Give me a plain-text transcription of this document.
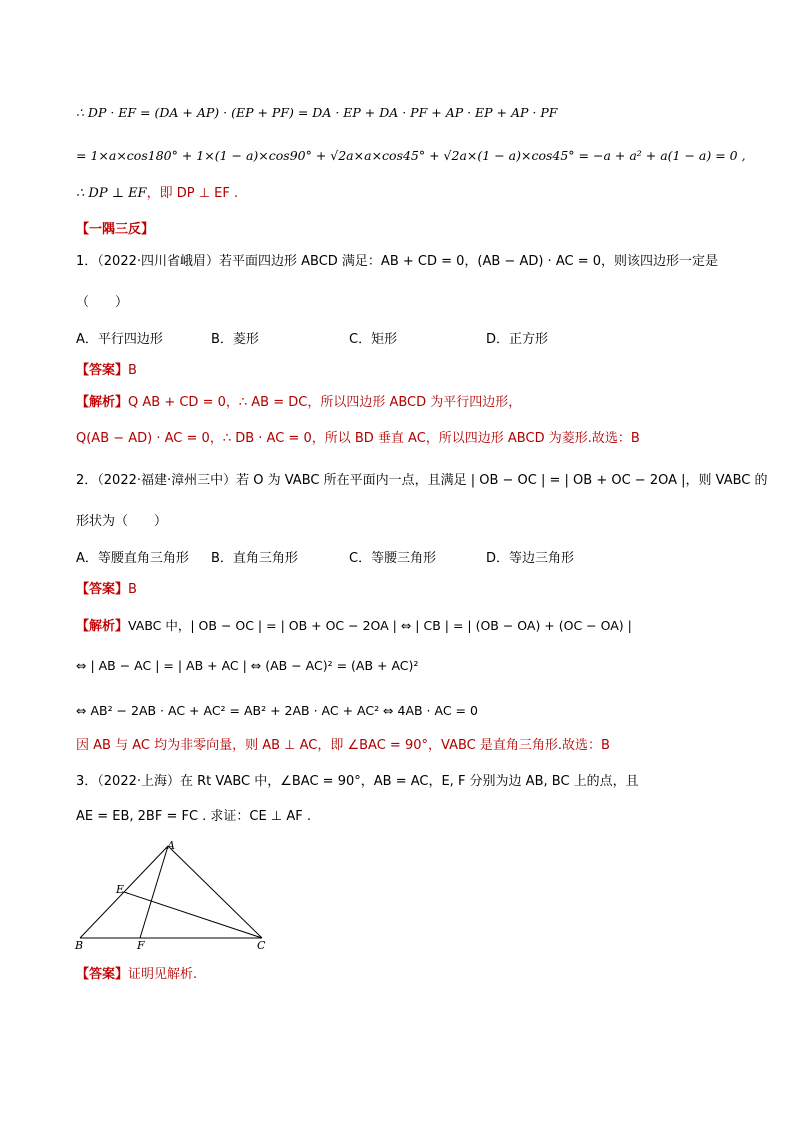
∴ DP · EF = (DA + AP) · (EP + PF) = DA · EP + DA · PF + AP · EP + AP · PF
= 1×a×cos180° + 1×(1 − a)×cos90° + √2a×a×cos45° + √2a×(1 − a)×cos45° = −a + a² + a(1 − a) = 0 ,
∴ DP ⊥ EF，即 DP ⊥ EF .
【一隅三反】
1．（2022·四川省峨眉）若平面四边形 ABCD 满足：AB + CD = 0，(AB − AD) · AC = 0，则该四边形一定是
（　　）
A．平行四边形	B．菱形	C．矩形	D．正方形
【答案】B
【解析】Q AB + CD = 0，∴ AB = DC，所以四边形 ABCD 为平行四边形，
Q(AB − AD) · AC = 0，∴ DB · AC = 0，所以 BD 垂直 AC，所以四边形 ABCD 为菱形.故选：B
2．（2022·福建·漳州三中）若 O 为 VABC 所在平面内一点，且满足 | OB − OC | = | OB + OC − 2OA |，则 VABC 的
形状为（　　）
A．等腰直角三角形 B．直角三角形	C．等腰三角形	D．等边三角形
【答案】B
【解析】VABC 中，| OB − OC | = | OB + OC − 2OA | ⇔ | CB | = | (OB − OA) + (OC − OA) |
⇔ | AB − AC | = | AB + AC | ⇔ (AB − AC)² = (AB + AC)²
⇔ AB² − 2AB · AC + AC² = AB² + 2AB · AC + AC² ⇔ 4AB · AC = 0
因 AB 与 AC 均为非零向量，则 AB ⊥ AC，即 ∠BAC = 90°，VABC 是直角三角形.故选：B
3．（2022·上海）在 Rt VABC 中，∠BAC = 90°，AB = AC，E, F 分别为边 AB, BC 上的点，且
AE = EB, 2BF = FC . 求证：CE ⊥ AF .
A
B	C
E
F
【答案】证明见解析.
